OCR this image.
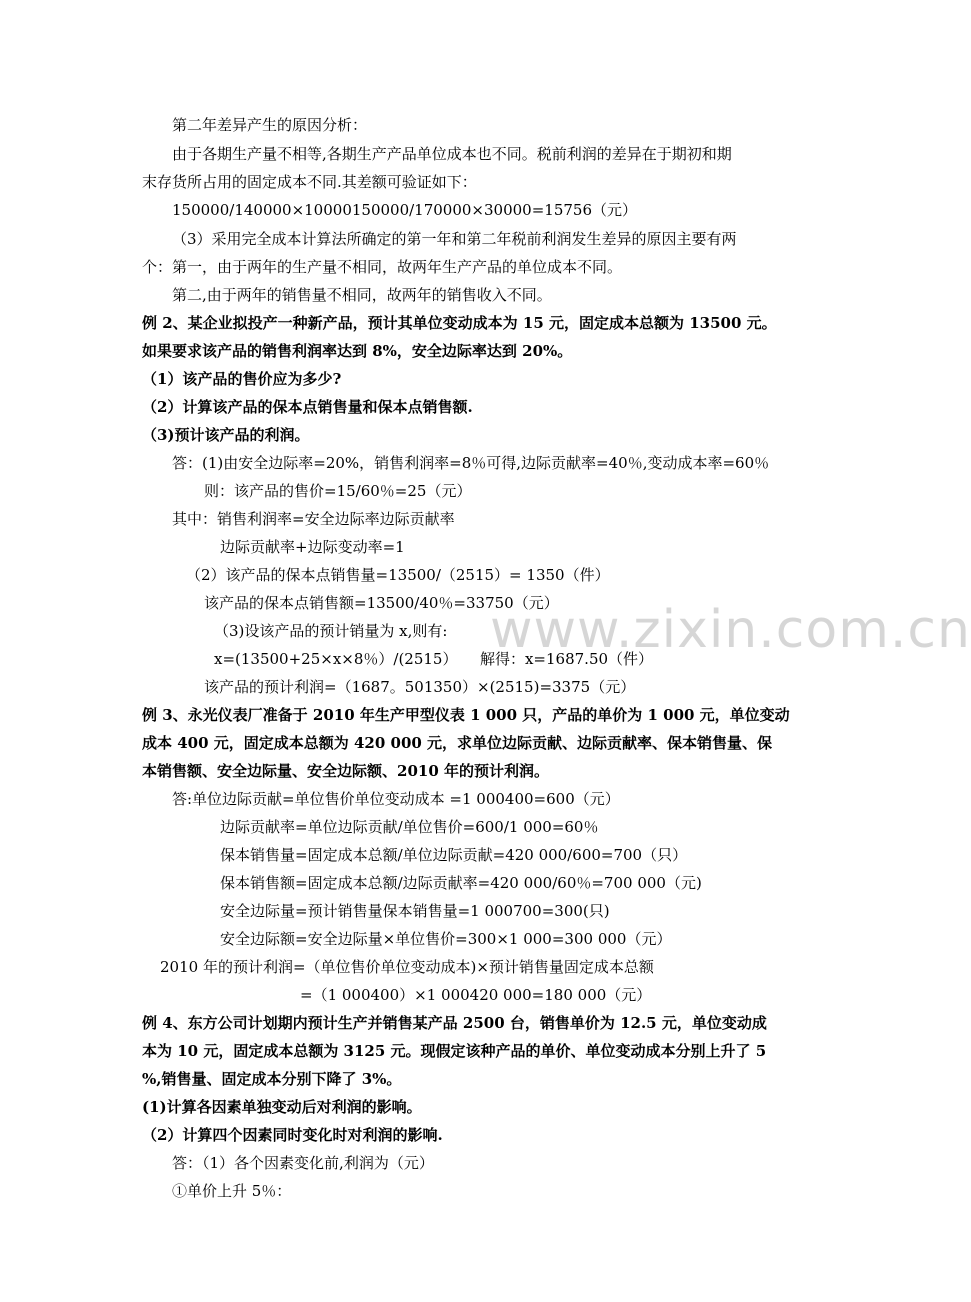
www.zixin.com.cn
第二年差异产生的原因分析：
由于各期生产量不相等,各期生产产品单位成本也不同。税前利润的差异在于期初和期
末存货所占用的固定成本不同.其差额可验证如下：
150000/140000×10000150000/170000×30000=15756（元）
（3）采用完全成本计算法所确定的第一年和第二年税前利润发生差异的原因主要有两
个：第一，由于两年的生产量不相同，故两年生产产品的单位成本不同。
第二,由于两年的销售量不相同，故两年的销售收入不同。
例 2、某企业拟投产一种新产品，预计其单位变动成本为 15 元，固定成本总额为 13500 元。
如果要求该产品的销售利润率达到 8%，安全边际率达到 20%。
（1）该产品的售价应为多少?
（2）计算该产品的保本点销售量和保本点销售额.
（3)预计该产品的利润。
答：(1)由安全边际率=20%，销售利润率=8％可得,边际贡献率=40％,变动成本率=60％
则：该产品的售价=15/60％=25（元）
其中：销售利润率=安全边际率边际贡献率
边际贡献率+边际变动率=1
（2）该产品的保本点销售量=13500/（2515）= 1350（件）
该产品的保本点销售额=13500/40％=33750（元）
（3)设该产品的预计销量为 x,则有:
x=(13500+25×x×8％）/(2515）　　解得：x=1687.50（件）
该产品的预计利润=（1687。501350）×(2515)=3375（元）
例 3、永光仪表厂准备于 2010 年生产甲型仪表 1 000 只，产品的单价为 1 000 元，单位变动
成本 400 元，固定成本总额为 420 000 元，求单位边际贡献、边际贡献率、保本销售量、保
本销售额、安全边际量、安全边际额、2010 年的预计利润。
答:单位边际贡献=单位售价单位变动成本 =1 000400=600（元）
边际贡献率=单位边际贡献/单位售价=600/1 000=60％
保本销售量=固定成本总额/单位边际贡献=420 000/600=700（只）
保本销售额=固定成本总额/边际贡献率=420 000/60％=700 000（元)
安全边际量=预计销售量保本销售量=1 000700=300(只)
安全边际额=安全边际量×单位售价=300×1 000=300 000（元）
2010 年的预计利润=（单位售价单位变动成本)×预计销售量固定成本总额
=（1 000400）×1 000420 000=180 000（元）
例 4、东方公司计划期内预计生产并销售某产品 2500 台，销售单价为 12.5 元，单位变动成
本为 10 元，固定成本总额为 3125 元。现假定该种产品的单价、单位变动成本分别上升了 5
%,销售量、固定成本分别下降了 3%。
(1)计算各因素单独变动后对利润的影响。
（2）计算四个因素同时变化时对利润的影响.
答：（1）各个因素变化前,利润为（元）
①单价上升 5％：
